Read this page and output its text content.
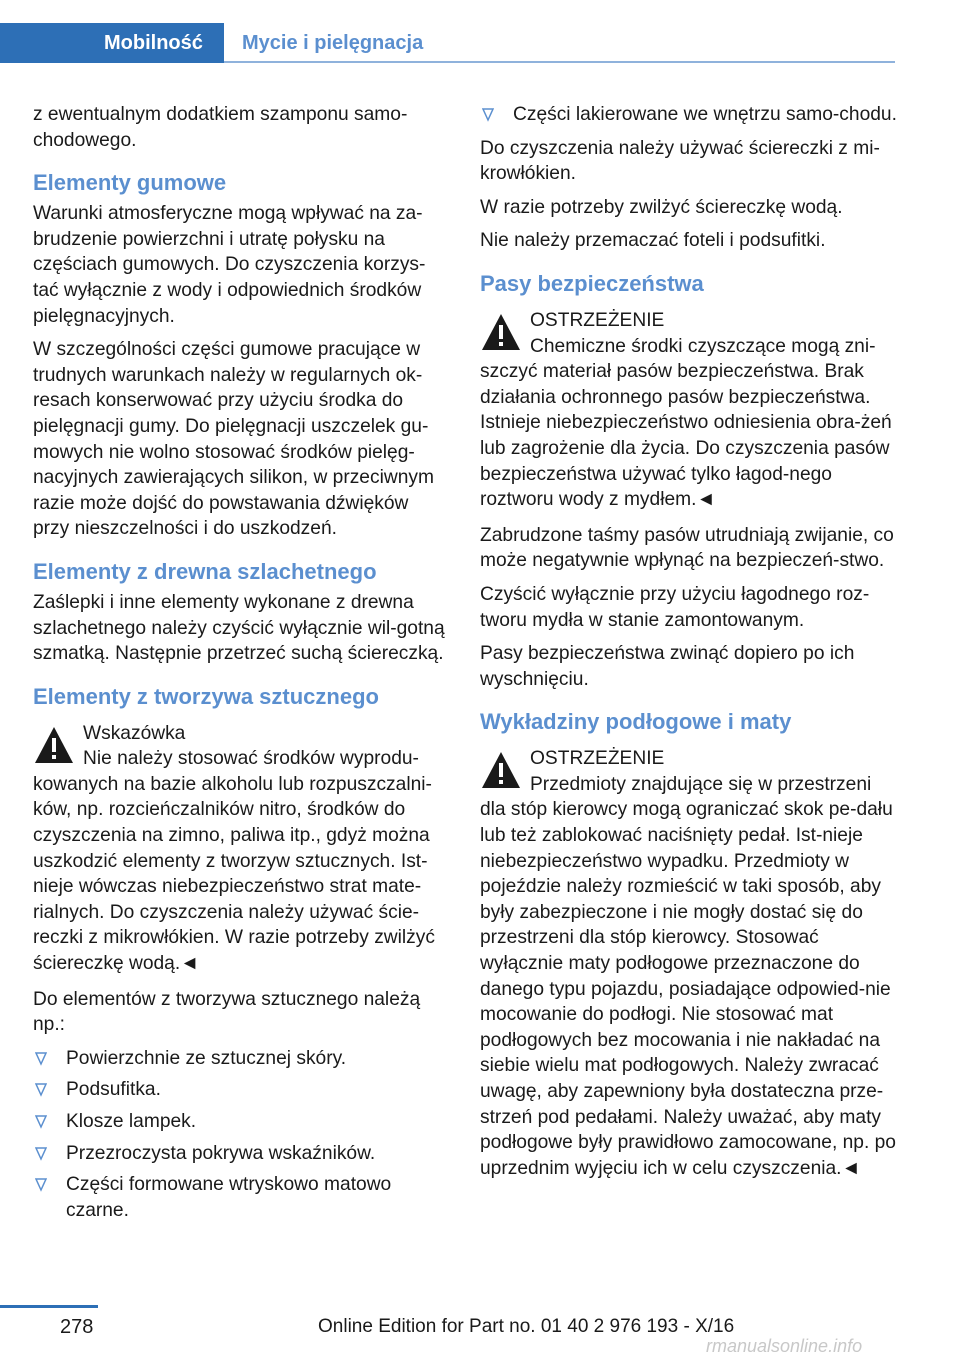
Mobilność	Mycie i pielęgnacja

z ewentualnym dodatkiem szamponu samo-chodowego.

Elementy gumowe

Warunki atmosferyczne mogą wpływać na za-brudzenie powierzchni i utratę połysku na częściach gumowych. Do czyszczenia korzys-tać wyłącznie z wody i odpowiednich środków pielęgnacyjnych.

W szczególności części gumowe pracujące w trudnych warunkach należy w regularnych ok-resach konserwować przy użyciu środka do pielęgnacji gumy. Do pielęgnacji uszczelek gu-mowych nie wolno stosować środków pielęg-nacyjnych zawierających silikon, w przeciwnym razie może dojść do powstawania dźwięków przy nieszczelności i do uszkodzeń.

Elementy z drewna szlachetnego

Zaślepki i inne elementy wykonane z drewna szlachetnego należy czyścić wyłącznie wil-gotną szmatką. Następnie przetrzeć suchą ściereczką.

Elementy z tworzywa sztucznego
Wskazówka
Nie należy stosować środków wyprodu-kowanych na bazie alkoholu lub rozpuszczalni-ków, np. rozcieńczalników nitro, środków do czyszczenia na zimno, paliwa itp., gdyż można uszkodzić elementy z tworzyw sztucznych. Ist-nieje wówczas niebezpieczeństwo strat mate-rialnych. Do czyszczenia należy używać ście-reczki z mikrowłókien. W razie potrzeby zwilżyć ściereczkę wodą.◄

Do elementów z tworzywa sztucznego należą np.:

Powierzchnie ze sztucznej skóry.
Podsufitka.
Klosze lampek.
Przezroczysta pokrywa wskaźników.
Części formowane wtryskowo matowo czarne.
Części lakierowane we wnętrzu samo-chodu.

Do czyszczenia należy używać ściereczki z mi-krowłókien.

W razie potrzeby zwilżyć ściereczkę wodą.

Nie należy przemaczać foteli i podsufitki.

Pasy bezpieczeństwa
OSTRZEŻENIE
Chemiczne środki czyszczące mogą zni-szczyć materiał pasów bezpieczeństwa. Brak działania ochronnego pasów bezpieczeństwa. Istnieje niebezpieczeństwo odniesienia obra-żeń lub zagrożenie dla życia. Do czyszczenia pasów bezpieczeństwa używać tylko łagod-nego roztworu wody z mydłem.◄

Zabrudzone taśmy pasów utrudniają zwijanie, co może negatywnie wpłynąć na bezpieczeń-stwo.

Czyścić wyłącznie przy użyciu łagodnego roz-tworu mydła w stanie zamontowanym.

Pasy bezpieczeństwa zwinąć dopiero po ich wyschnięciu.

Wykładziny podłogowe i maty
OSTRZEŻENIE
Przedmioty znajdujące się w przestrzeni dla stóp kierowcy mogą ograniczać skok pe-dału lub też zablokować naciśnięty pedał. Ist-nieje niebezpieczeństwo wypadku. Przedmioty w pojeździe należy rozmieścić w taki sposób, aby były zabezpieczone i nie mogły dostać się do przestrzeni dla stóp kierowcy. Stosować wyłącznie maty podłogowe przeznaczone do danego typu pojazdu, posiadające odpowied-nie mocowanie do podłogi. Nie stosować mat podłogowych bez mocowania i nie nakładać na siebie wielu mat podłogowych. Należy zwracać uwagę, aby zapewniony była dostateczna prze-strzeń pod pedałami. Należy uważać, aby maty podłogowe były prawidłowo zamocowane, np. po uprzednim wyjęciu ich w celu czyszczenia.◄
278	Online Edition for Part no. 01 40 2 976 193 - X/16
rmanualsonline.info
